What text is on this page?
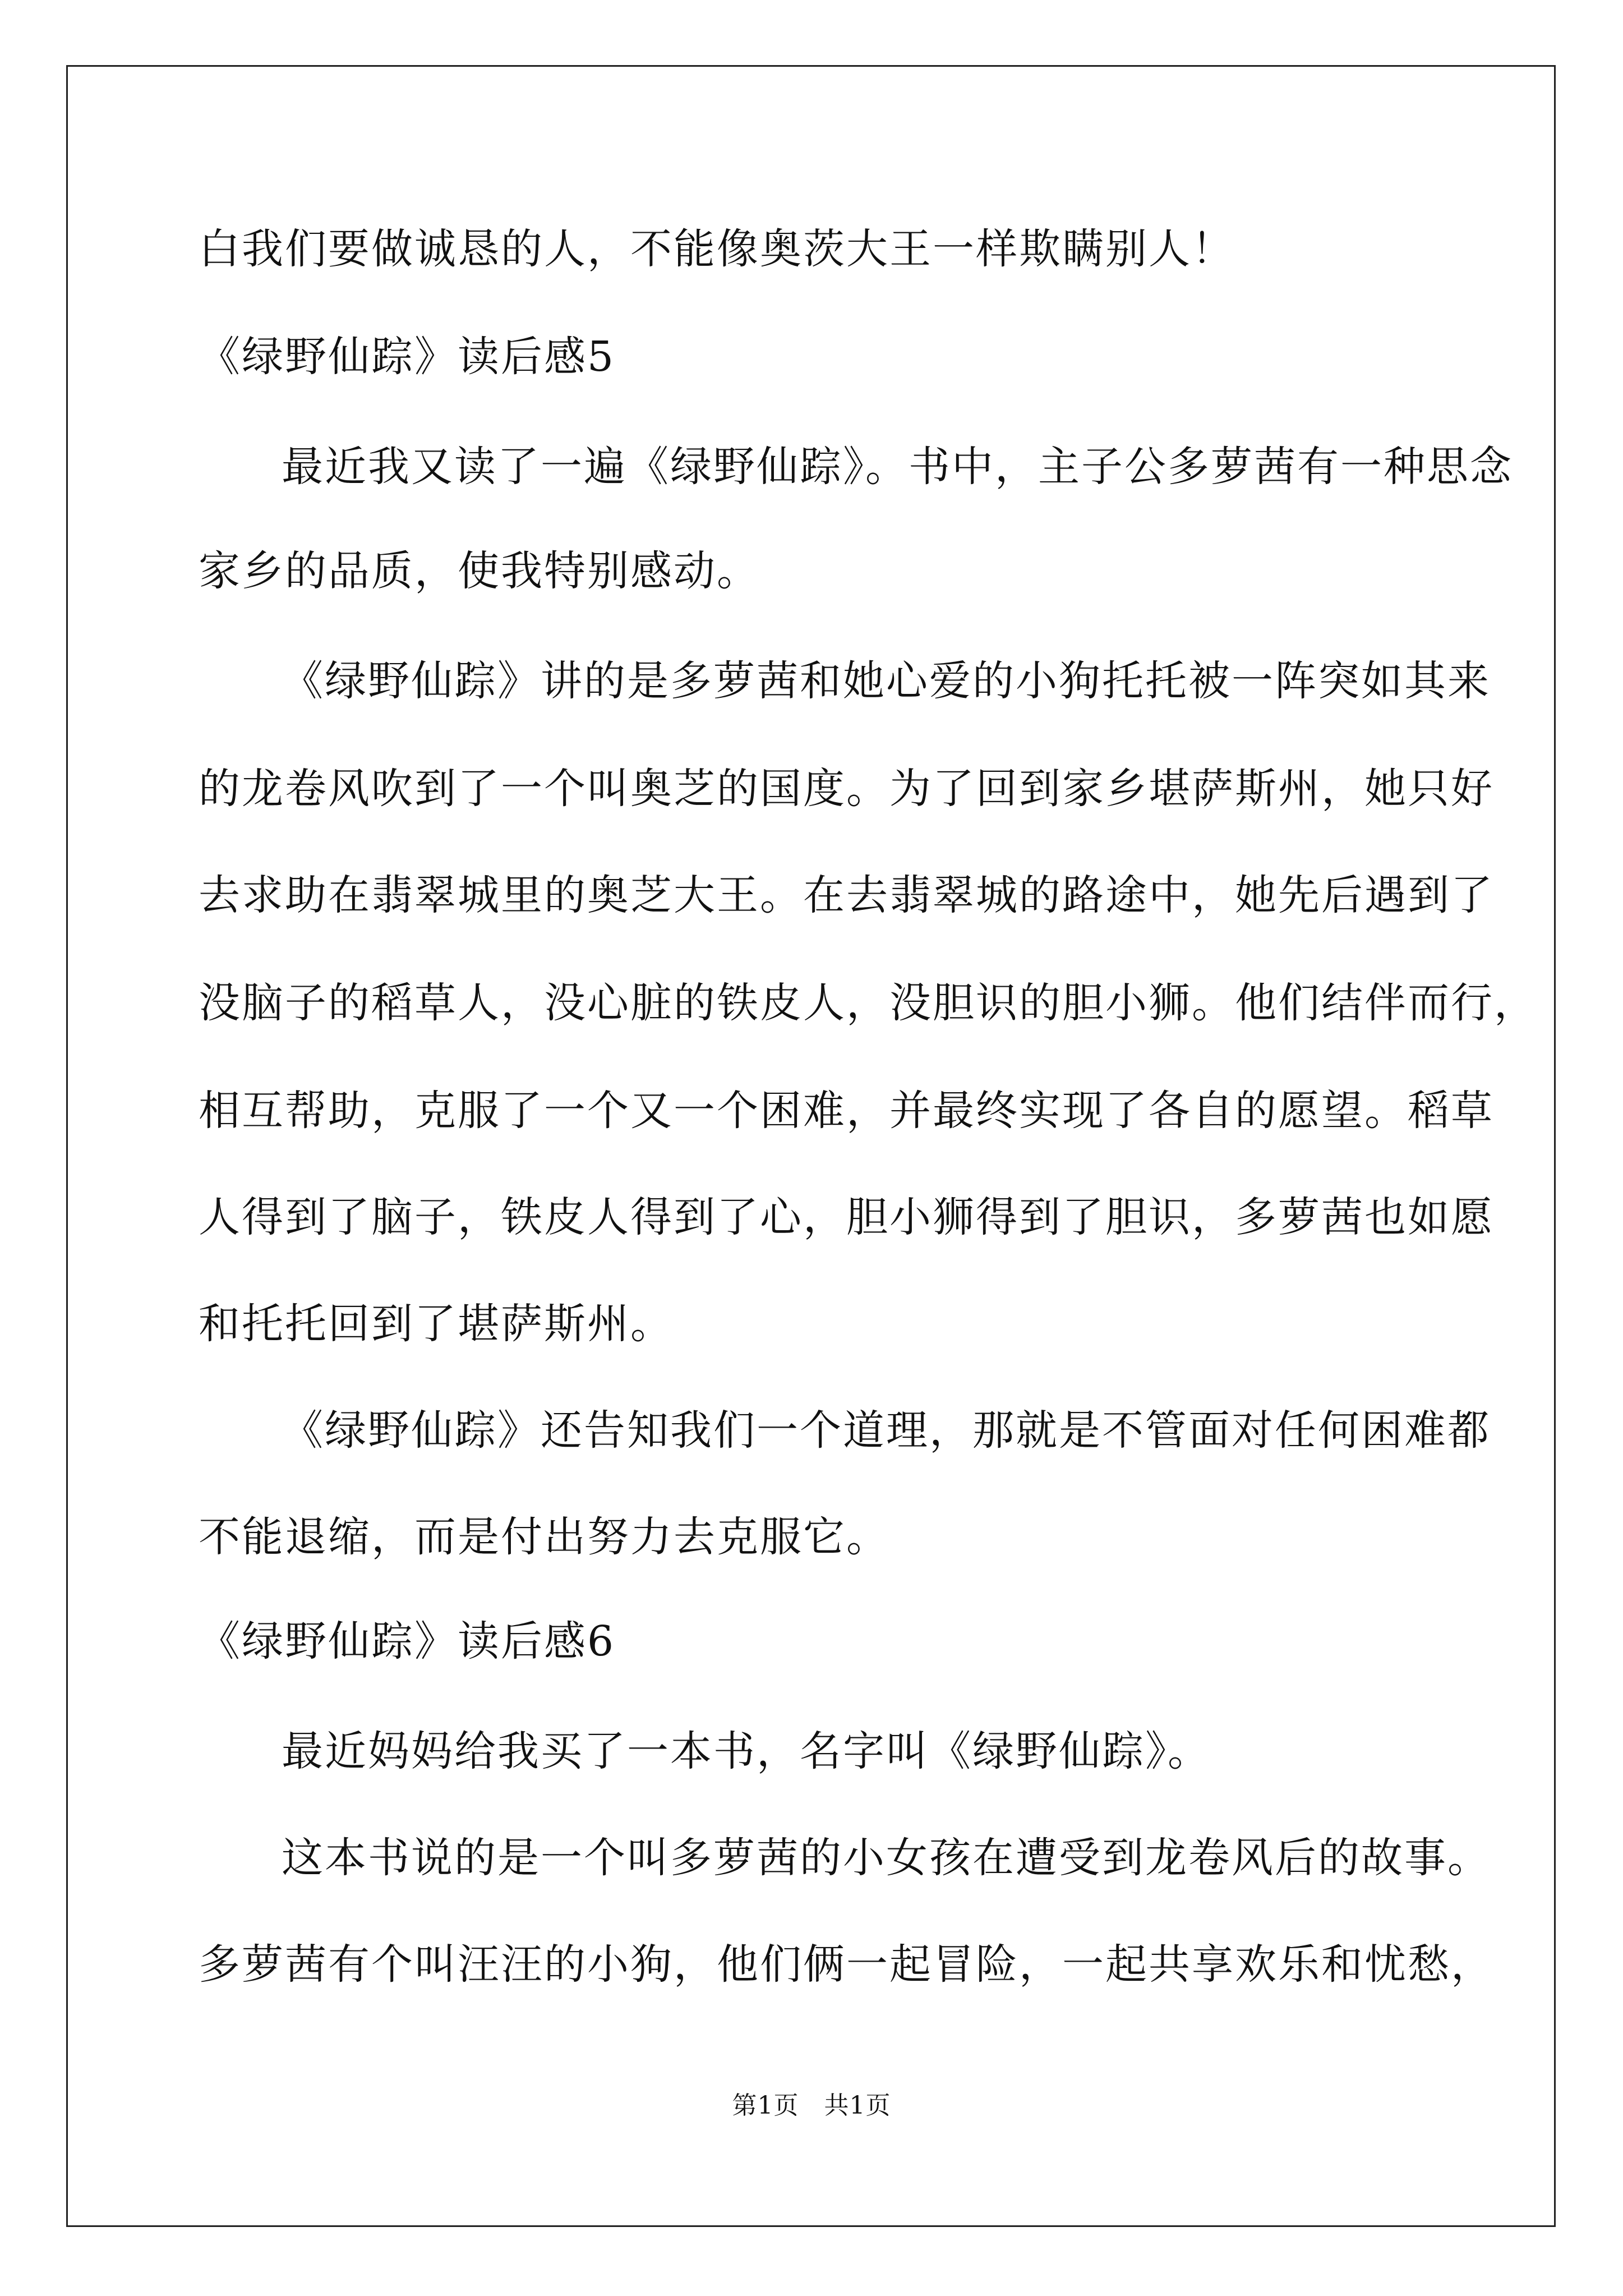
白我们要做诚恳的人，不能像奥茨大王一样欺瞒别人！
《绿野仙踪》读后感5
最近我又读了一遍《绿野仙踪》。书中，主子公多萝茜有一种思念
家乡的品质，使我特别感动。
《绿野仙踪》讲的是多萝茜和她心爱的小狗托托被一阵突如其来
的龙卷风吹到了一个叫奥芝的国度。为了回到家乡堪萨斯州，她只好
去求助在翡翠城里的奥芝大王。在去翡翠城的路途中，她先后遇到了
没脑子的稻草人，没心脏的铁皮人，没胆识的胆小狮。他们结伴而行，
相互帮助，克服了一个又一个困难，并最终实现了各自的愿望。稻草
人得到了脑子，铁皮人得到了心，胆小狮得到了胆识，多萝茜也如愿
和托托回到了堪萨斯州。
《绿野仙踪》还告知我们一个道理，那就是不管面对任何困难都
不能退缩，而是付出努力去克服它。
《绿野仙踪》读后感6
最近妈妈给我买了一本书，名字叫《绿野仙踪》。
这本书说的是一个叫多萝茜的小女孩在遭受到龙卷风后的故事。
多萝茜有个叫汪汪的小狗，他们俩一起冒险，一起共享欢乐和忧愁，
第1页　共1页
